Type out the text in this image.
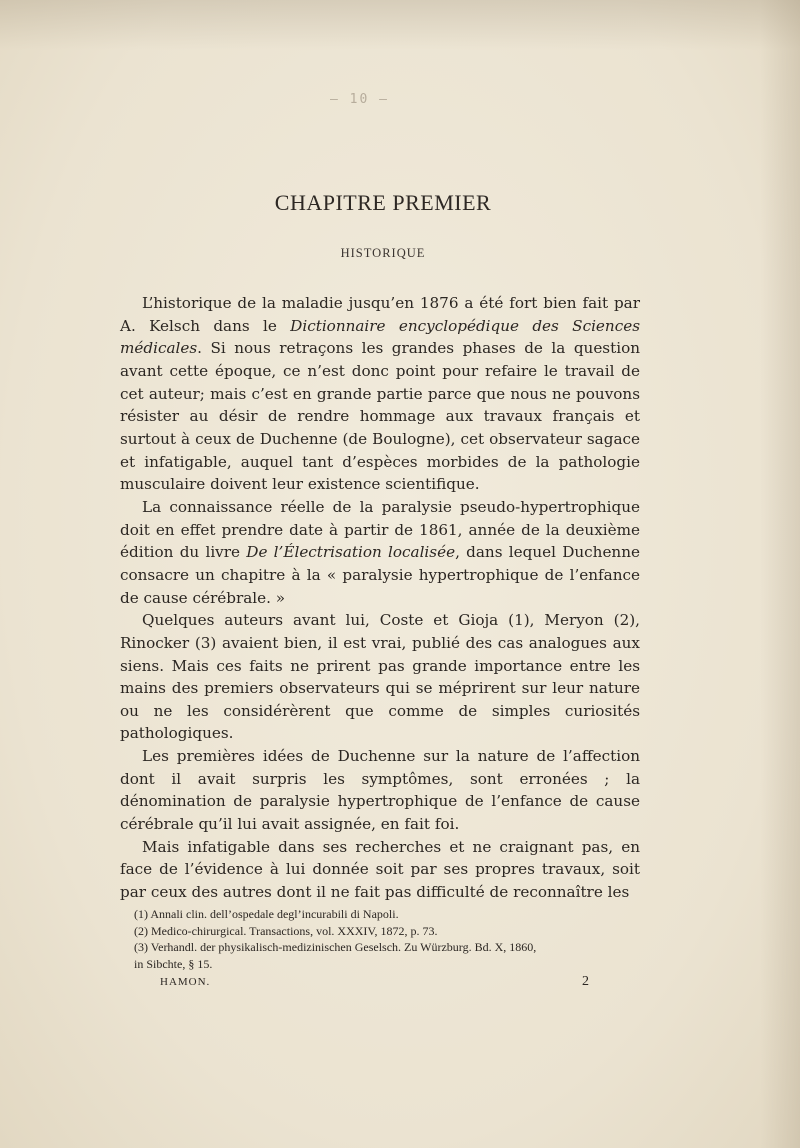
— 10 —
CHAPITRE PREMIER
HISTORIQUE

L’historique de la maladie jusqu’en 1876 a été fort bien fait par A. Kelsch dans le Dictionnaire encyclopédique des Sciences médicales. Si nous retraçons les grandes phases de la question avant cette époque, ce n’est donc point pour refaire le travail de cet auteur; mais c’est en grande partie parce que nous ne pouvons résister au désir de rendre hommage aux travaux français et surtout à ceux de Duchenne (de Boulogne), cet observateur sagace et infatigable, auquel tant d’espèces morbides de la pathologie musculaire doivent leur existence scientifique.

La connaissance réelle de la paralysie pseudo-hypertrophique doit en effet prendre date à partir de 1861, année de la deuxième édition du livre De l’Électrisation localisée, dans lequel Duchenne consacre un chapitre à la « paralysie hypertrophique de l’enfance de cause cérébrale. »

Quelques auteurs avant lui, Coste et Gioja (1), Meryon (2), Rinocker (3) avaient bien, il est vrai, publié des cas analogues aux siens. Mais ces faits ne prirent pas grande importance entre les mains des premiers observateurs qui se méprirent sur leur nature ou ne les considérèrent que comme de simples curiosités pathologiques.

Les premières idées de Duchenne sur la nature de l’affection dont il avait surpris les symptômes, sont erronées ; la dénomination de paralysie hypertrophique de l’enfance de cause cérébrale qu’il lui avait assignée, en fait foi.

Mais infatigable dans ses recherches et ne craignant pas, en face de l’évidence à lui donnée soit par ses propres travaux, soit par ceux des autres dont il ne fait pas difficulté de reconnaître les

(1) Annali clin. dell’ospedale degl’incurabili di Napoli.
(2) Medico-chirurgical. Transactions, vol. XXXIV, 1872, p. 73.
(3) Verhandl. der physikalisch-medizinischen Geselsch. Zu Würzburg. Bd. X, 1860,
in Sibchte, § 15.
HAMON.	2
